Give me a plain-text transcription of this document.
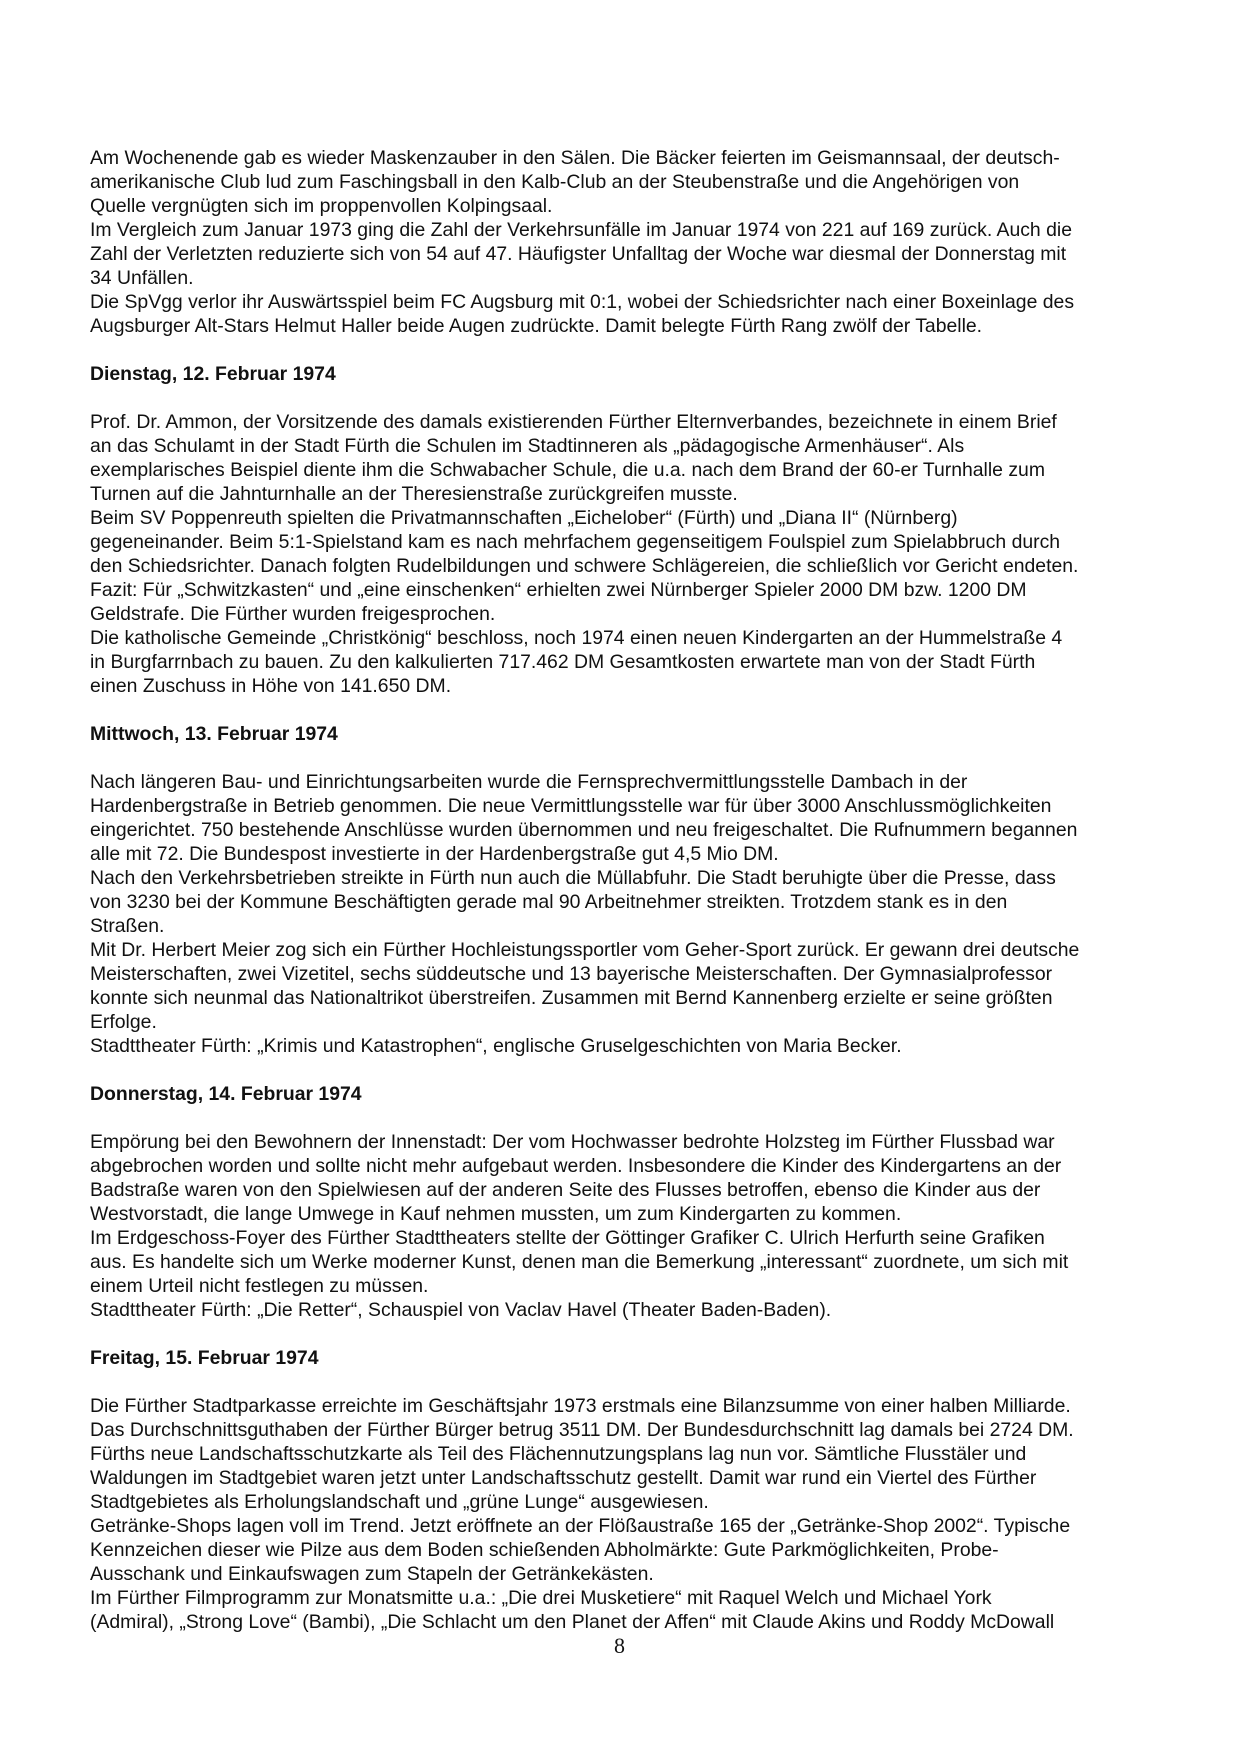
Am Wochenende gab es wieder Maskenzauber in den Sälen. Die Bäcker feierten im Geismannsaal, der deutsch-
amerikanische Club lud zum Faschingsball in den Kalb-Club an der Steubenstraße und die Angehörigen von
Quelle vergnügten sich im proppenvollen Kolpingsaal.
Im Vergleich zum Januar 1973 ging die Zahl der Verkehrsunfälle im Januar 1974 von 221 auf 169 zurück. Auch die
Zahl der Verletzten reduzierte sich von 54 auf 47. Häufigster Unfalltag der Woche war diesmal der Donnerstag mit
34 Unfällen.
Die SpVgg verlor ihr Auswärtsspiel beim FC Augsburg mit 0:1, wobei der Schiedsrichter nach einer Boxeinlage des
Augsburger Alt-Stars Helmut Haller beide Augen zudrückte. Damit belegte Fürth Rang zwölf der Tabelle.
Dienstag, 12. Februar 1974
Prof. Dr. Ammon, der Vorsitzende des damals existierenden Fürther Elternverbandes, bezeichnete in einem Brief
an das Schulamt in der Stadt Fürth die Schulen im Stadtinneren als „pädagogische Armenhäuser“. Als
exemplarisches Beispiel diente ihm die Schwabacher Schule, die u.a. nach dem Brand der 60-er Turnhalle zum
Turnen auf die Jahnturnhalle an der Theresienstraße zurückgreifen musste.
Beim SV Poppenreuth spielten die Privatmannschaften „Eichelober“ (Fürth) und „Diana II“ (Nürnberg)
gegeneinander. Beim 5:1-Spielstand kam es nach mehrfachem gegenseitigem Foulspiel zum Spielabbruch durch
den Schiedsrichter. Danach folgten Rudelbildungen und schwere Schlägereien, die schließlich vor Gericht endeten.
Fazit: Für „Schwitzkasten“ und „eine einschenken“ erhielten zwei Nürnberger Spieler 2000 DM bzw. 1200 DM
Geldstrafe. Die Fürther wurden freigesprochen.
Die katholische Gemeinde „Christkönig“ beschloss, noch 1974 einen neuen Kindergarten an der Hummelstraße 4
in Burgfarrnbach zu bauen. Zu den kalkulierten 717.462 DM Gesamtkosten erwartete man von der Stadt Fürth
einen Zuschuss in Höhe von 141.650 DM.
Mittwoch, 13. Februar 1974
Nach längeren Bau- und Einrichtungsarbeiten wurde die Fernsprechvermittlungsstelle Dambach in der
Hardenbergstraße in Betrieb genommen. Die neue Vermittlungsstelle war für über 3000 Anschlussmöglichkeiten
eingerichtet. 750 bestehende Anschlüsse wurden übernommen und neu freigeschaltet. Die Rufnummern begannen
alle mit 72. Die Bundespost investierte in der Hardenbergstraße gut 4,5 Mio DM.
Nach den Verkehrsbetrieben streikte in Fürth nun auch die Müllabfuhr. Die Stadt beruhigte über die Presse, dass
von 3230 bei der Kommune Beschäftigten gerade mal 90 Arbeitnehmer streikten. Trotzdem stank es in den
Straßen.
Mit Dr. Herbert Meier zog sich ein Fürther Hochleistungssportler vom Geher-Sport zurück. Er gewann drei deutsche
Meisterschaften, zwei Vizetitel, sechs süddeutsche und 13 bayerische Meisterschaften. Der Gymnasialprofessor
konnte sich neunmal das Nationaltrikot überstreifen. Zusammen mit Bernd Kannenberg erzielte er seine größten
Erfolge.
Stadttheater Fürth: „Krimis und Katastrophen“, englische Gruselgeschichten von Maria Becker.
Donnerstag, 14. Februar 1974
Empörung bei den Bewohnern der Innenstadt: Der vom Hochwasser bedrohte Holzsteg im Fürther Flussbad war
abgebrochen worden und sollte nicht mehr aufgebaut werden. Insbesondere die Kinder des Kindergartens an der
Badstraße waren von den Spielwiesen auf der anderen Seite des Flusses betroffen, ebenso die Kinder aus der
Westvorstadt, die lange Umwege in Kauf nehmen mussten, um zum Kindergarten zu kommen.
Im Erdgeschoss-Foyer des Fürther Stadttheaters stellte der Göttinger Grafiker C. Ulrich Herfurth seine Grafiken
aus. Es handelte sich um Werke moderner Kunst, denen man die Bemerkung „interessant“ zuordnete, um sich mit
einem Urteil nicht festlegen zu müssen.
Stadttheater Fürth: „Die Retter“, Schauspiel von Vaclav Havel (Theater Baden-Baden).
Freitag, 15. Februar 1974
Die Fürther Stadtparkasse erreichte im Geschäftsjahr 1973 erstmals eine Bilanzsumme von einer halben Milliarde.
Das Durchschnittsguthaben der Fürther Bürger betrug 3511 DM. Der Bundesdurchschnitt lag damals bei 2724 DM.
Fürths neue Landschaftsschutzkarte als Teil des Flächennutzungsplans lag nun vor. Sämtliche Flusstäler und
Waldungen im Stadtgebiet waren jetzt unter Landschaftsschutz gestellt. Damit war rund ein Viertel des Fürther
Stadtgebietes als Erholungslandschaft und „grüne Lunge“ ausgewiesen.
Getränke-Shops lagen voll im Trend. Jetzt eröffnete an der Flößaustraße 165 der „Getränke-Shop 2002“. Typische
Kennzeichen dieser wie Pilze aus dem Boden schießenden Abholmärkte: Gute Parkmöglichkeiten, Probe-
Ausschank und Einkaufswagen zum Stapeln der Getränkekästen.
Im Fürther Filmprogramm zur Monatsmitte u.a.: „Die drei Musketiere“ mit Raquel Welch und Michael York
(Admiral), „Strong Love“ (Bambi), „Die Schlacht um den Planet der Affen“ mit Claude Akins und Roddy McDowall
8
